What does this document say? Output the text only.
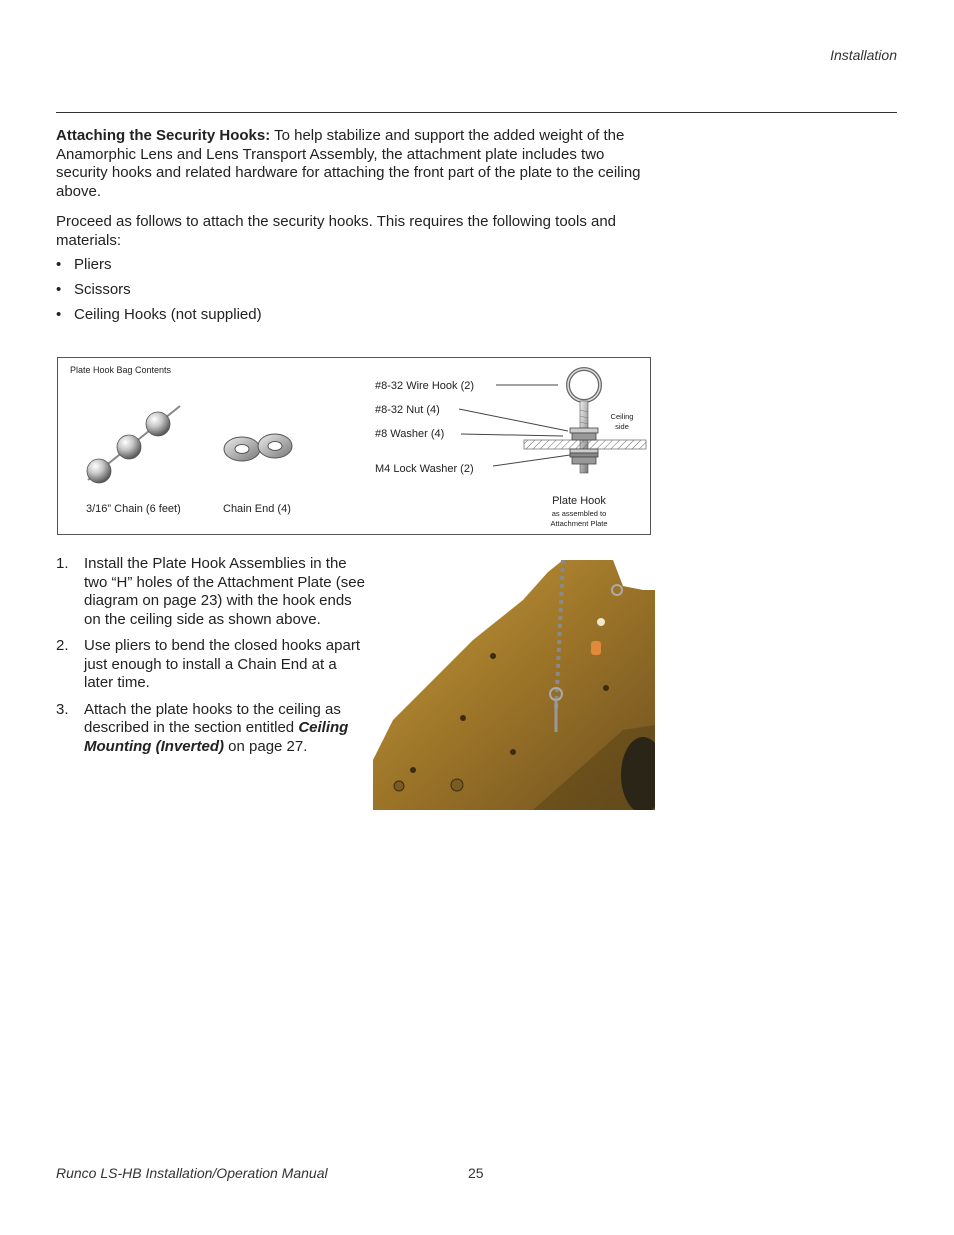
Installation

Attaching the Security Hooks: To help stabilize and support the added weight of the Anamorphic Lens and Lens Transport Assembly, the attachment plate includes two security hooks and related hardware for attaching the front part of the plate to the ceiling above.

Proceed as follows to attach the security hooks. This requires the following tools and materials:

• Pliers
• Scissors
• Ceiling Hooks (not supplied)
Plate Hook Bag Contents
3/16” Chain (6 feet)	Chain End (4)
#8-32 Wire Hook (2)
#8-32 Nut (4)
#8 Washer (4)
M4 Lock Washer (2)
Ceiling
side
Plate Hook
as assembled to
Attachment Plate
1. Install the Plate Hook Assemblies in the two “H” holes of the Attachment Plate (see diagram on page 23) with the hook ends on the ceiling side as shown above.
2. Use pliers to bend the closed hooks apart just enough to install a Chain End at a later time.
3. Attach the plate hooks to the ceiling as described in the section entitled Ceiling Mounting (Inverted) on page 27.
Runco LS-HB Installation/Operation Manual	25
